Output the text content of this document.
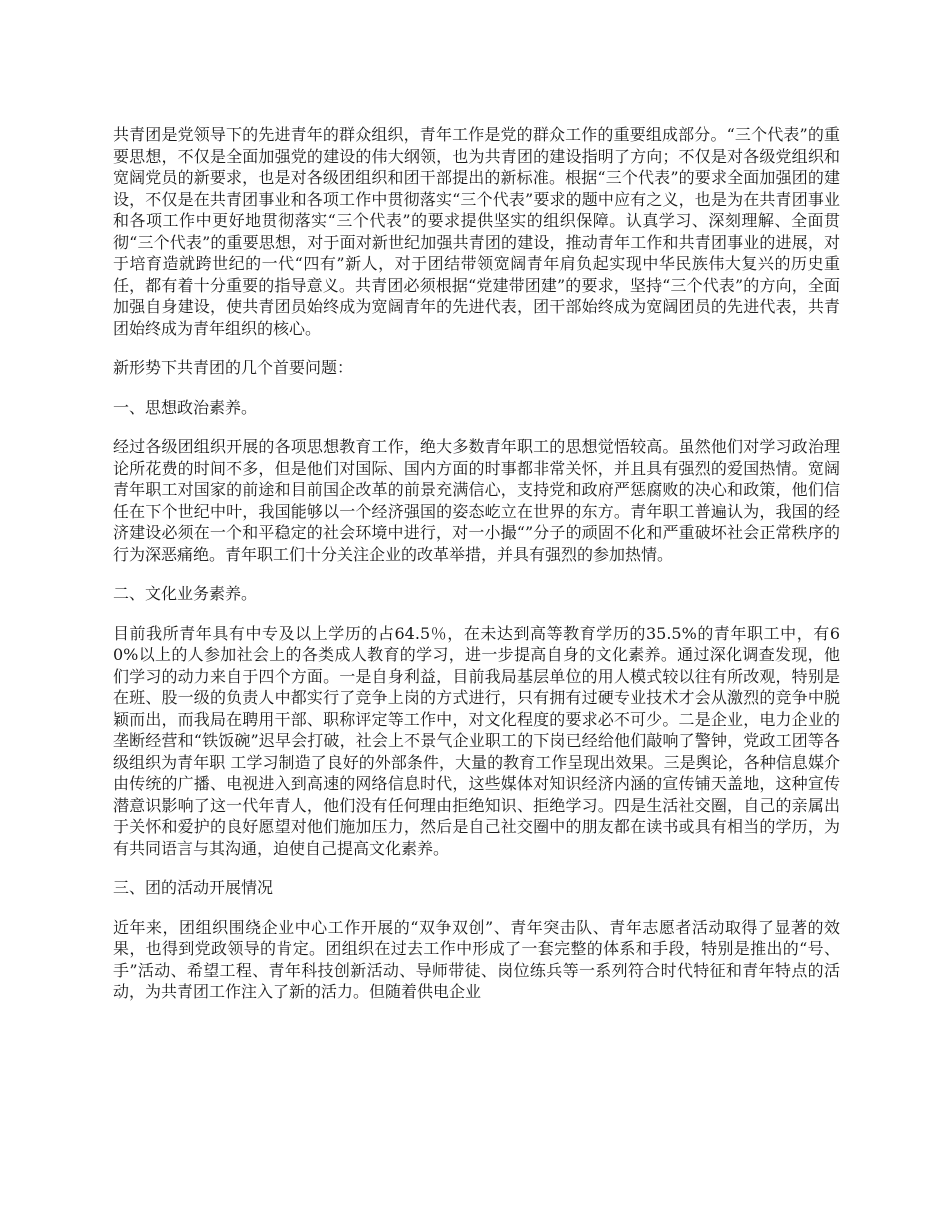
共青团是党领导下的先进青年的群众组织，青年工作是党的群众工作的重要组成部分。“三个代表”的重要思想，不仅是全面加强党的建设的伟大纲领，也为共青团的建设指明了方向；不仅是对各级党组织和宽阔党员的新要求，也是对各级团组织和团干部提出的新标准。根据“三个代表”的要求全面加强团的建设，不仅是在共青团事业和各项工作中贯彻落实“三个代表”要求的题中应有之义，也是为在共青团事业和各项工作中更好地贯彻落实“三个代表”的要求提供坚实的组织保障。认真学习、深刻理解、全面贯彻“三个代表”的重要思想，对于面对新世纪加强共青团的建设，推动青年工作和共青团事业的进展，对于培育造就跨世纪的一代“四有”新人，对于团结带领宽阔青年肩负起实现中华民族伟大复兴的历史重任，都有着十分重要的指导意义。共青团必须根据“党建带团建”的要求，坚持“三个代表”的方向，全面加强自身建设，使共青团员始终成为宽阔青年的先进代表，团干部始终成为宽阔团员的先进代表，共青团始终成为青年组织的核心。

新形势下共青团的几个首要问题：

一、思想政治素养。

经过各级团组织开展的各项思想教育工作，绝大多数青年职工的思想觉悟较高。虽然他们对学习政治理论所花费的时间不多，但是他们对国际、国内方面的时事都非常关怀，并且具有强烈的爱国热情。宽阔青年职工对国家的前途和目前国企改革的前景充满信心，支持党和政府严惩腐败的决心和政策，他们信任在下个世纪中叶，我国能够以一个经济强国的姿态屹立在世界的东方。青年职工普遍认为，我国的经济建设必须在一个和平稳定的社会环境中进行，对一小撮“”分子的顽固不化和严重破坏社会正常秩序的行为深恶痛绝。青年职工们十分关注企业的改革举措，并具有强烈的参加热情。

二、文化业务素养。

目前我所青年具有中专及以上学历的占64.5％，在未达到高等教育学历的35.5%的青年职工中，有60%以上的人参加社会上的各类成人教育的学习，进一步提高自身的文化素养。通过深化调查发现，他们学习的动力来自于四个方面。一是自身利益，目前我局基层单位的用人模式较以往有所改观，特别是在班、股一级的负责人中都实行了竞争上岗的方式进行，只有拥有过硬专业技术才会从激烈的竞争中脱颖而出，而我局在聘用干部、职称评定等工作中，对文化程度的要求必不可少。二是企业，电力企业的垄断经营和“铁饭碗”迟早会打破，社会上不景气企业职工的下岗已经给他们敲响了警钟，党政工团等各级组织为青年职 工学习制造了良好的外部条件，大量的教育工作呈现出效果。三是舆论，各种信息媒介由传统的广播、电视进入到高速的网络信息时代，这些媒体对知识经济内涵的宣传铺天盖地，这种宣传潜意识影响了这一代年青人，他们没有任何理由拒绝知识、拒绝学习。四是生活社交圈，自己的亲属出于关怀和爱护的良好愿望对他们施加压力，然后是自己社交圈中的朋友都在读书或具有相当的学历，为有共同语言与其沟通，迫使自己提高文化素养。

三、团的活动开展情况

近年来，团组织围绕企业中心工作开展的“双争双创”、青年突击队、青年志愿者活动取得了显著的效果，也得到党政领导的肯定。团组织在过去工作中形成了一套完整的体系和手段，特别是推出的“号、手”活动、希望工程、青年科技创新活动、导师带徒、岗位练兵等一系列符合时代特征和青年特点的活动，为共青团工作注入了新的活力。但随着供电企业
